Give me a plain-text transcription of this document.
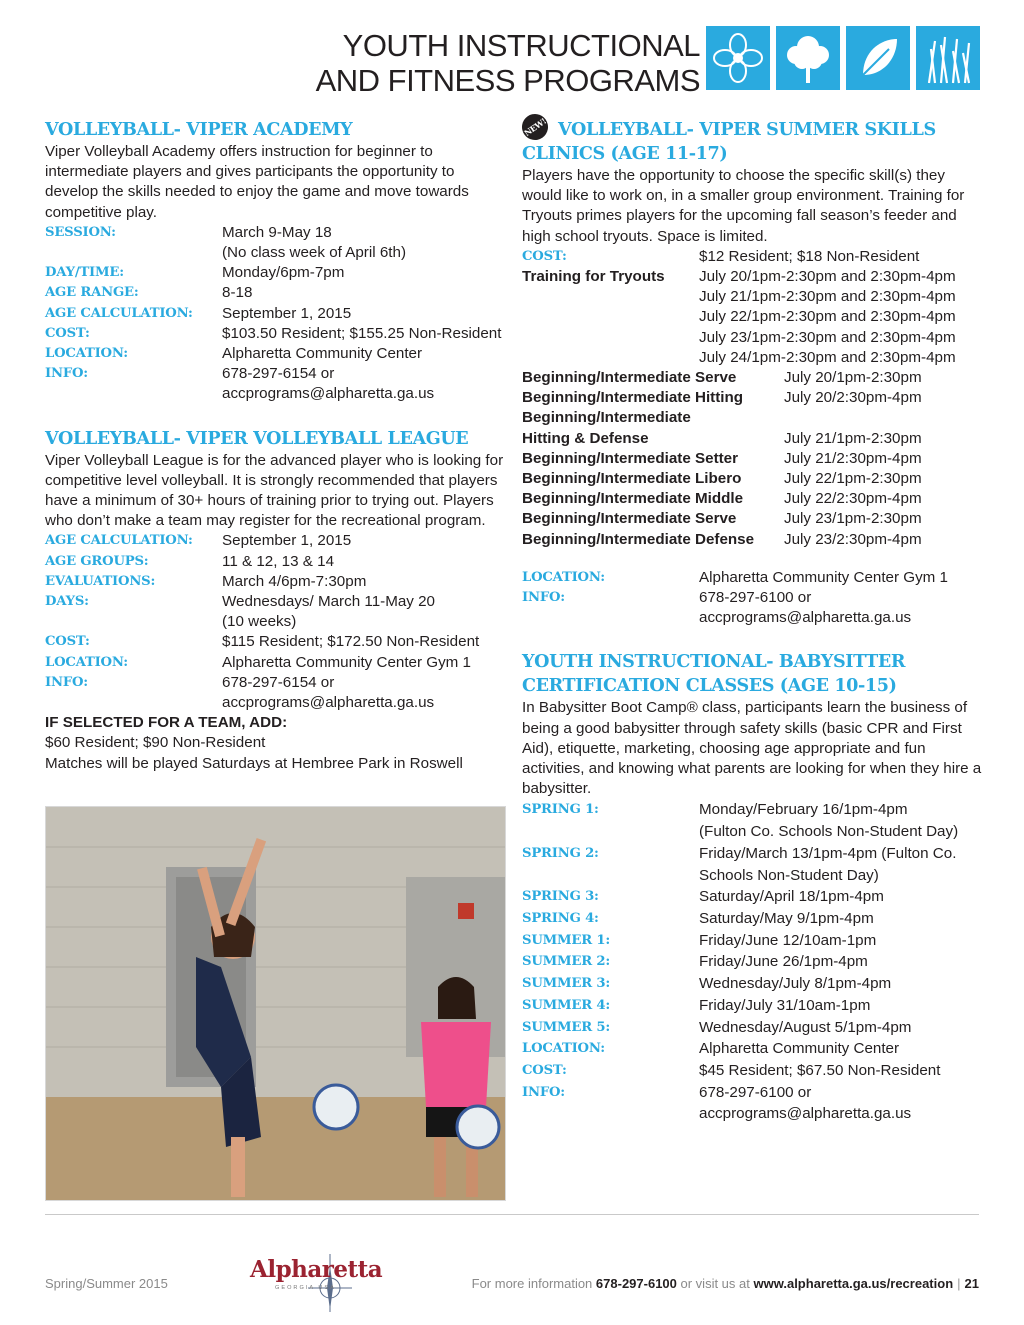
YOUTH INSTRUCTIONAL
AND FITNESS PROGRAMS
VOLLEYBALL- VIPER ACADEMY
Viper Volleyball Academy offers instruction for beginner to intermediate players and gives participants the opportunity to develop the skills needed to enjoy the game and move towards competitive play.
SESSION:	March 9-May 18
(No class week of April 6th)
DAY/TIME:	Monday/6pm-7pm
AGE RANGE:	8-18
AGE CALCULATION:	September 1, 2015
COST:	$103.50 Resident; $155.25 Non-Resident
LOCATION:	Alpharetta Community Center
INFO:	678-297-6154 or
accprograms@alpharetta.ga.us
VOLLEYBALL- VIPER VOLLEYBALL LEAGUE
Viper Volleyball League is for the advanced player who is looking for competitive level volleyball. It is strongly recommended that players have a minimum of 30+ hours of training prior to trying out. Players who don’t make a team may register for the recreational program.
AGE CALCULATION:	September 1, 2015
AGE GROUPS:	11 & 12, 13 & 14
EVALUATIONS:	March 4/6pm-7:30pm
DAYS:	Wednesdays/ March 11-May 20
(10 weeks)
COST:	$115 Resident; $172.50 Non-Resident
LOCATION:	Alpharetta Community Center Gym 1
INFO:	678-297-6154 or
accprograms@alpharetta.ga.us
IF SELECTED FOR A TEAM, ADD:
$60 Resident; $90 Non-Resident
Matches will be played Saturdays at Hembree Park in Roswell
NEW! VOLLEYBALL- VIPER SUMMER SKILLS
CLINICS (AGE 11-17)
Players have the opportunity to choose the specific skill(s) they would like to work on, in a smaller group environment. Training for Tryouts primes players for the upcoming fall season’s feeder and high school tryouts. Space is limited.
COST:	$12 Resident; $18 Non-Resident
Training for Tryouts	July 20/1pm-2:30pm and 2:30pm-4pm
July 21/1pm-2:30pm and 2:30pm-4pm
July 22/1pm-2:30pm and 2:30pm-4pm
July 23/1pm-2:30pm and 2:30pm-4pm
July 24/1pm-2:30pm and 2:30pm-4pm
Beginning/Intermediate Serve	July 20/1pm-2:30pm
Beginning/Intermediate Hitting	July 20/2:30pm-4pm
Beginning/Intermediate
Hitting & Defense	July 21/1pm-2:30pm
Beginning/Intermediate Setter	July 21/2:30pm-4pm
Beginning/Intermediate Libero	July 22/1pm-2:30pm
Beginning/Intermediate Middle	July 22/2:30pm-4pm
Beginning/Intermediate Serve	July 23/1pm-2:30pm
Beginning/Intermediate Defense	July 23/2:30pm-4pm
LOCATION:	Alpharetta Community Center Gym 1
INFO:	678-297-6100 or
accprograms@alpharetta.ga.us
YOUTH INSTRUCTIONAL- BABYSITTER
CERTIFICATION CLASSES (AGE 10-15)
In Babysitter Boot Camp® class, participants learn the business of being a good babysitter through safety skills (basic CPR and First Aid), etiquette, marketing, choosing age appropriate and fun activities, and knowing what parents are looking for when they hire a babysitter.
SPRING 1:	Monday/February 16/1pm-4pm
(Fulton Co. Schools Non-Student Day)
SPRING 2:	Friday/March 13/1pm-4pm (Fulton Co.
Schools Non-Student Day)
SPRING 3:	Saturday/April 18/1pm-4pm
SPRING 4:	Saturday/May 9/1pm-4pm
SUMMER 1:	Friday/June 12/10am-1pm
SUMMER 2:	Friday/June 26/1pm-4pm
SUMMER 3:	Wednesday/July 8/1pm-4pm
SUMMER 4:	Friday/July 31/10am-1pm
SUMMER 5:	Wednesday/August 5/1pm-4pm
LOCATION:	Alpharetta Community Center
COST:	$45 Resident; $67.50 Non-Resident
INFO:	678-297-6100 or
accprograms@alpharetta.ga.us
Spring/Summer 2015
Alpharetta
GEORGIA USA	For more information 678-297-6100 or visit us at www.alpharetta.ga.us/recreation | 21
